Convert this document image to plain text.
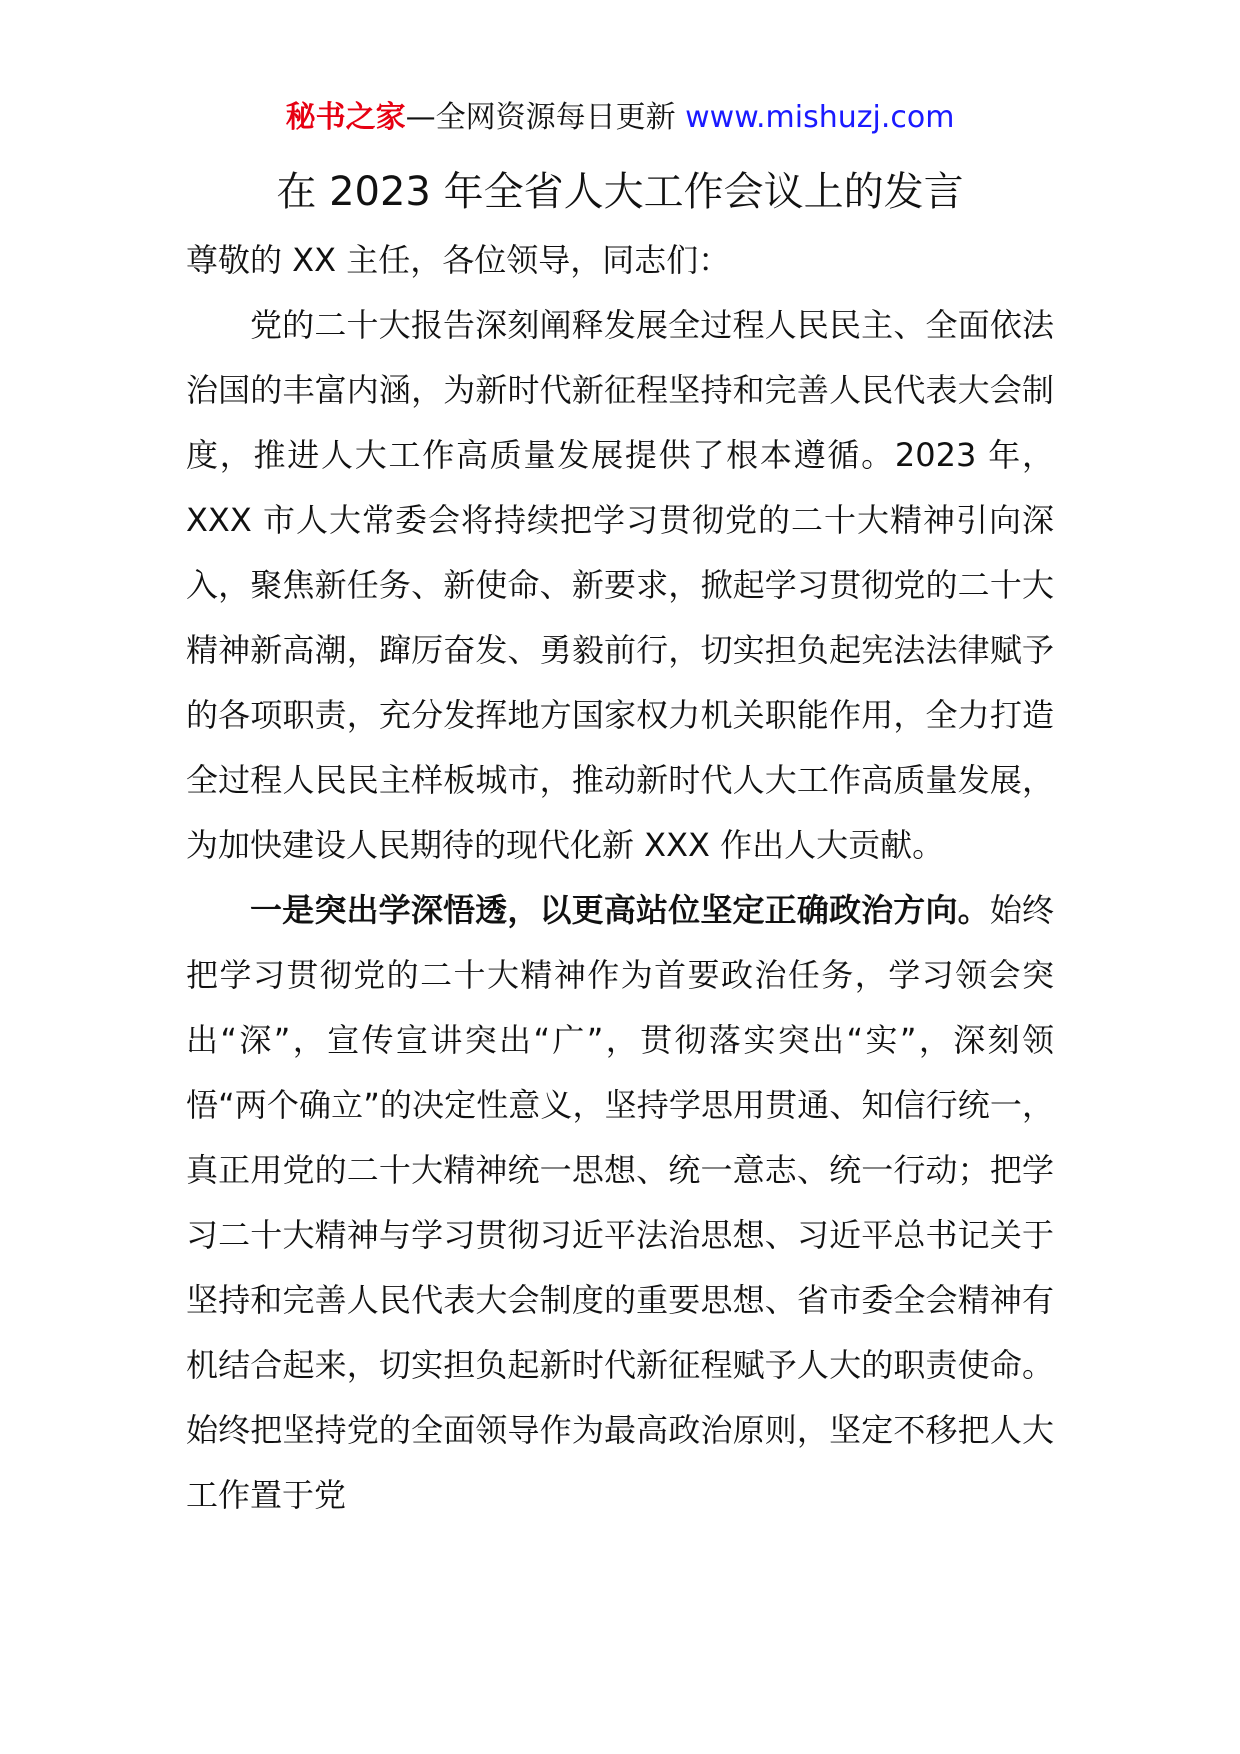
秘书之家—全网资源每日更新 www.mishuzj.com
在 2023 年全省人大工作会议上的发言

尊敬的 XX 主任，各位领导，同志们：

党的二十大报告深刻阐释发展全过程人民民主、全面依法治国的丰富内涵，为新时代新征程坚持和完善人民代表大会制度，推进人大工作高质量发展提供了根本遵循。2023 年，XXX 市人大常委会将持续把学习贯彻党的二十大精神引向深入，聚焦新任务、新使命、新要求，掀起学习贯彻党的二十大精神新高潮，蹿厉奋发、勇毅前行，切实担负起宪法法律赋予的各项职责，充分发挥地方国家权力机关职能作用，全力打造全过程人民民主样板城市，推动新时代人大工作高质量发展，为加快建设人民期待的现代化新 XXX 作出人大贡献。

一是突出学深悟透，以更高站位坚定正确政治方向。始终把学习贯彻党的二十大精神作为首要政治任务，学习领会突出“深”，宣传宣讲突出“广”，贯彻落实突出“实”，深刻领悟“两个确立”的决定性意义，坚持学思用贯通、知信行统一，真正用党的二十大精神统一思想、统一意志、统一行动；把学习二十大精神与学习贯彻习近平法治思想、习近平总书记关于坚持和完善人民代表大会制度的重要思想、省市委全会精神有机结合起来，切实担负起新时代新征程赋予人大的职责使命。始终把坚持党的全面领导作为最高政治原则，坚定不移把人大工作置于党
